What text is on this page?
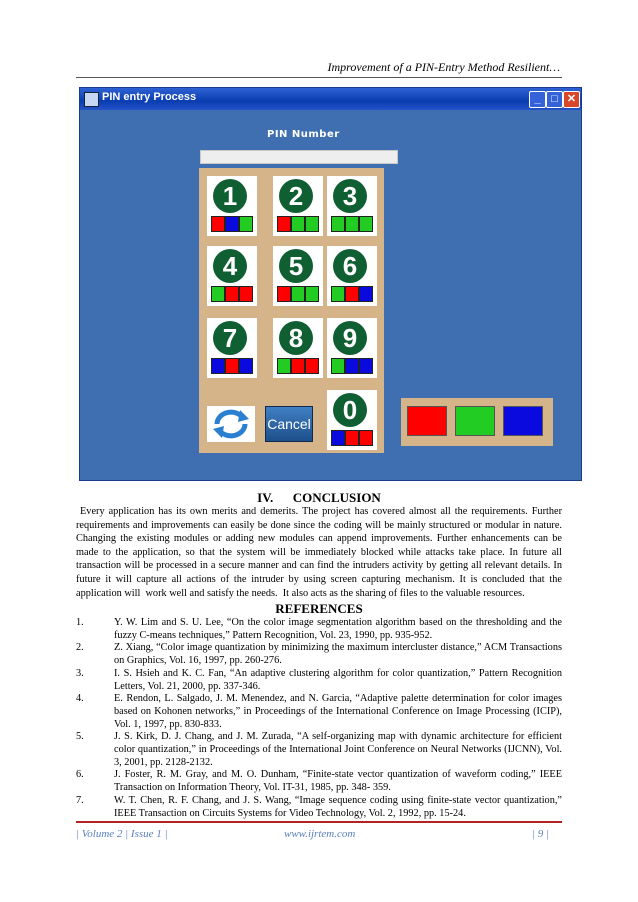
Improvement of a PIN-Entry Method Resilient…
PIN entry Process	_ □ ✕
PIN Number
Cancel
1	2	3
4	5	6
7	8	9
0
IV.      CONCLUSION
Every application has its own merits and demerits. The project has covered almost all the requirements. Further requirements and improvements can easily be done since the coding will be mainly structured or modular in nature. Changing the existing modules or adding new modules can append improvements. Further enhancements can be made to the application, so that the system will be immediately blocked while attacks take place. In future all transaction will be processed in a secure manner and can find the intruders activity by getting all relevant details. In future it will capture all actions of the intruder by using screen capturing mechanism. It is concluded that the application will  work well and satisfy the needs.  It also acts as the sharing of files to the valuable resources.
REFERENCES
1.	Y. W. Lim and S. U. Lee, “On the color image segmentation algorithm based on the thresholding and the fuzzy C-means techniques,” Pattern Recognition, Vol. 23, 1990, pp. 935-952.
2.	Z. Xiang, “Color image quantization by minimizing the maximum intercluster distance,” ACM Transactions on Graphics, Vol. 16, 1997, pp. 260-276.
3.	I. S. Hsieh and K. C. Fan, “An adaptive clustering algorithm for color quantization,” Pattern Recognition Letters, Vol. 21, 2000, pp. 337-346.
4.	E. Rendon, L. Salgado, J. M. Menendez, and N. Garcia, “Adaptive palette determination for color images based on Kohonen networks,” in Proceedings of the International Conference on Image Processing (ICIP), Vol. 1, 1997, pp. 830-833.
5.	J. S. Kirk, D. J. Chang, and J. M. Zurada, “A self-organizing map with dynamic architecture for efficient color quantization,” in Proceedings of the International Joint Conference on Neural Networks (IJCNN), Vol. 3, 2001, pp. 2128-2132.
6.	J. Foster, R. M. Gray, and M. O. Dunham, “Finite-state vector quantization of waveform coding,” IEEE Transaction on Information Theory, Vol. IT-31, 1985, pp. 348- 359.
7.	W. T. Chen, R. F. Chang, and J. S. Wang, “Image sequence coding using finite-state vector quantization,” IEEE Transaction on Circuits Systems for Video Technology, Vol. 2, 1992, pp. 15-24.
| Volume 2 | Issue 1 |	www.ijrtem.com	| 9 |
